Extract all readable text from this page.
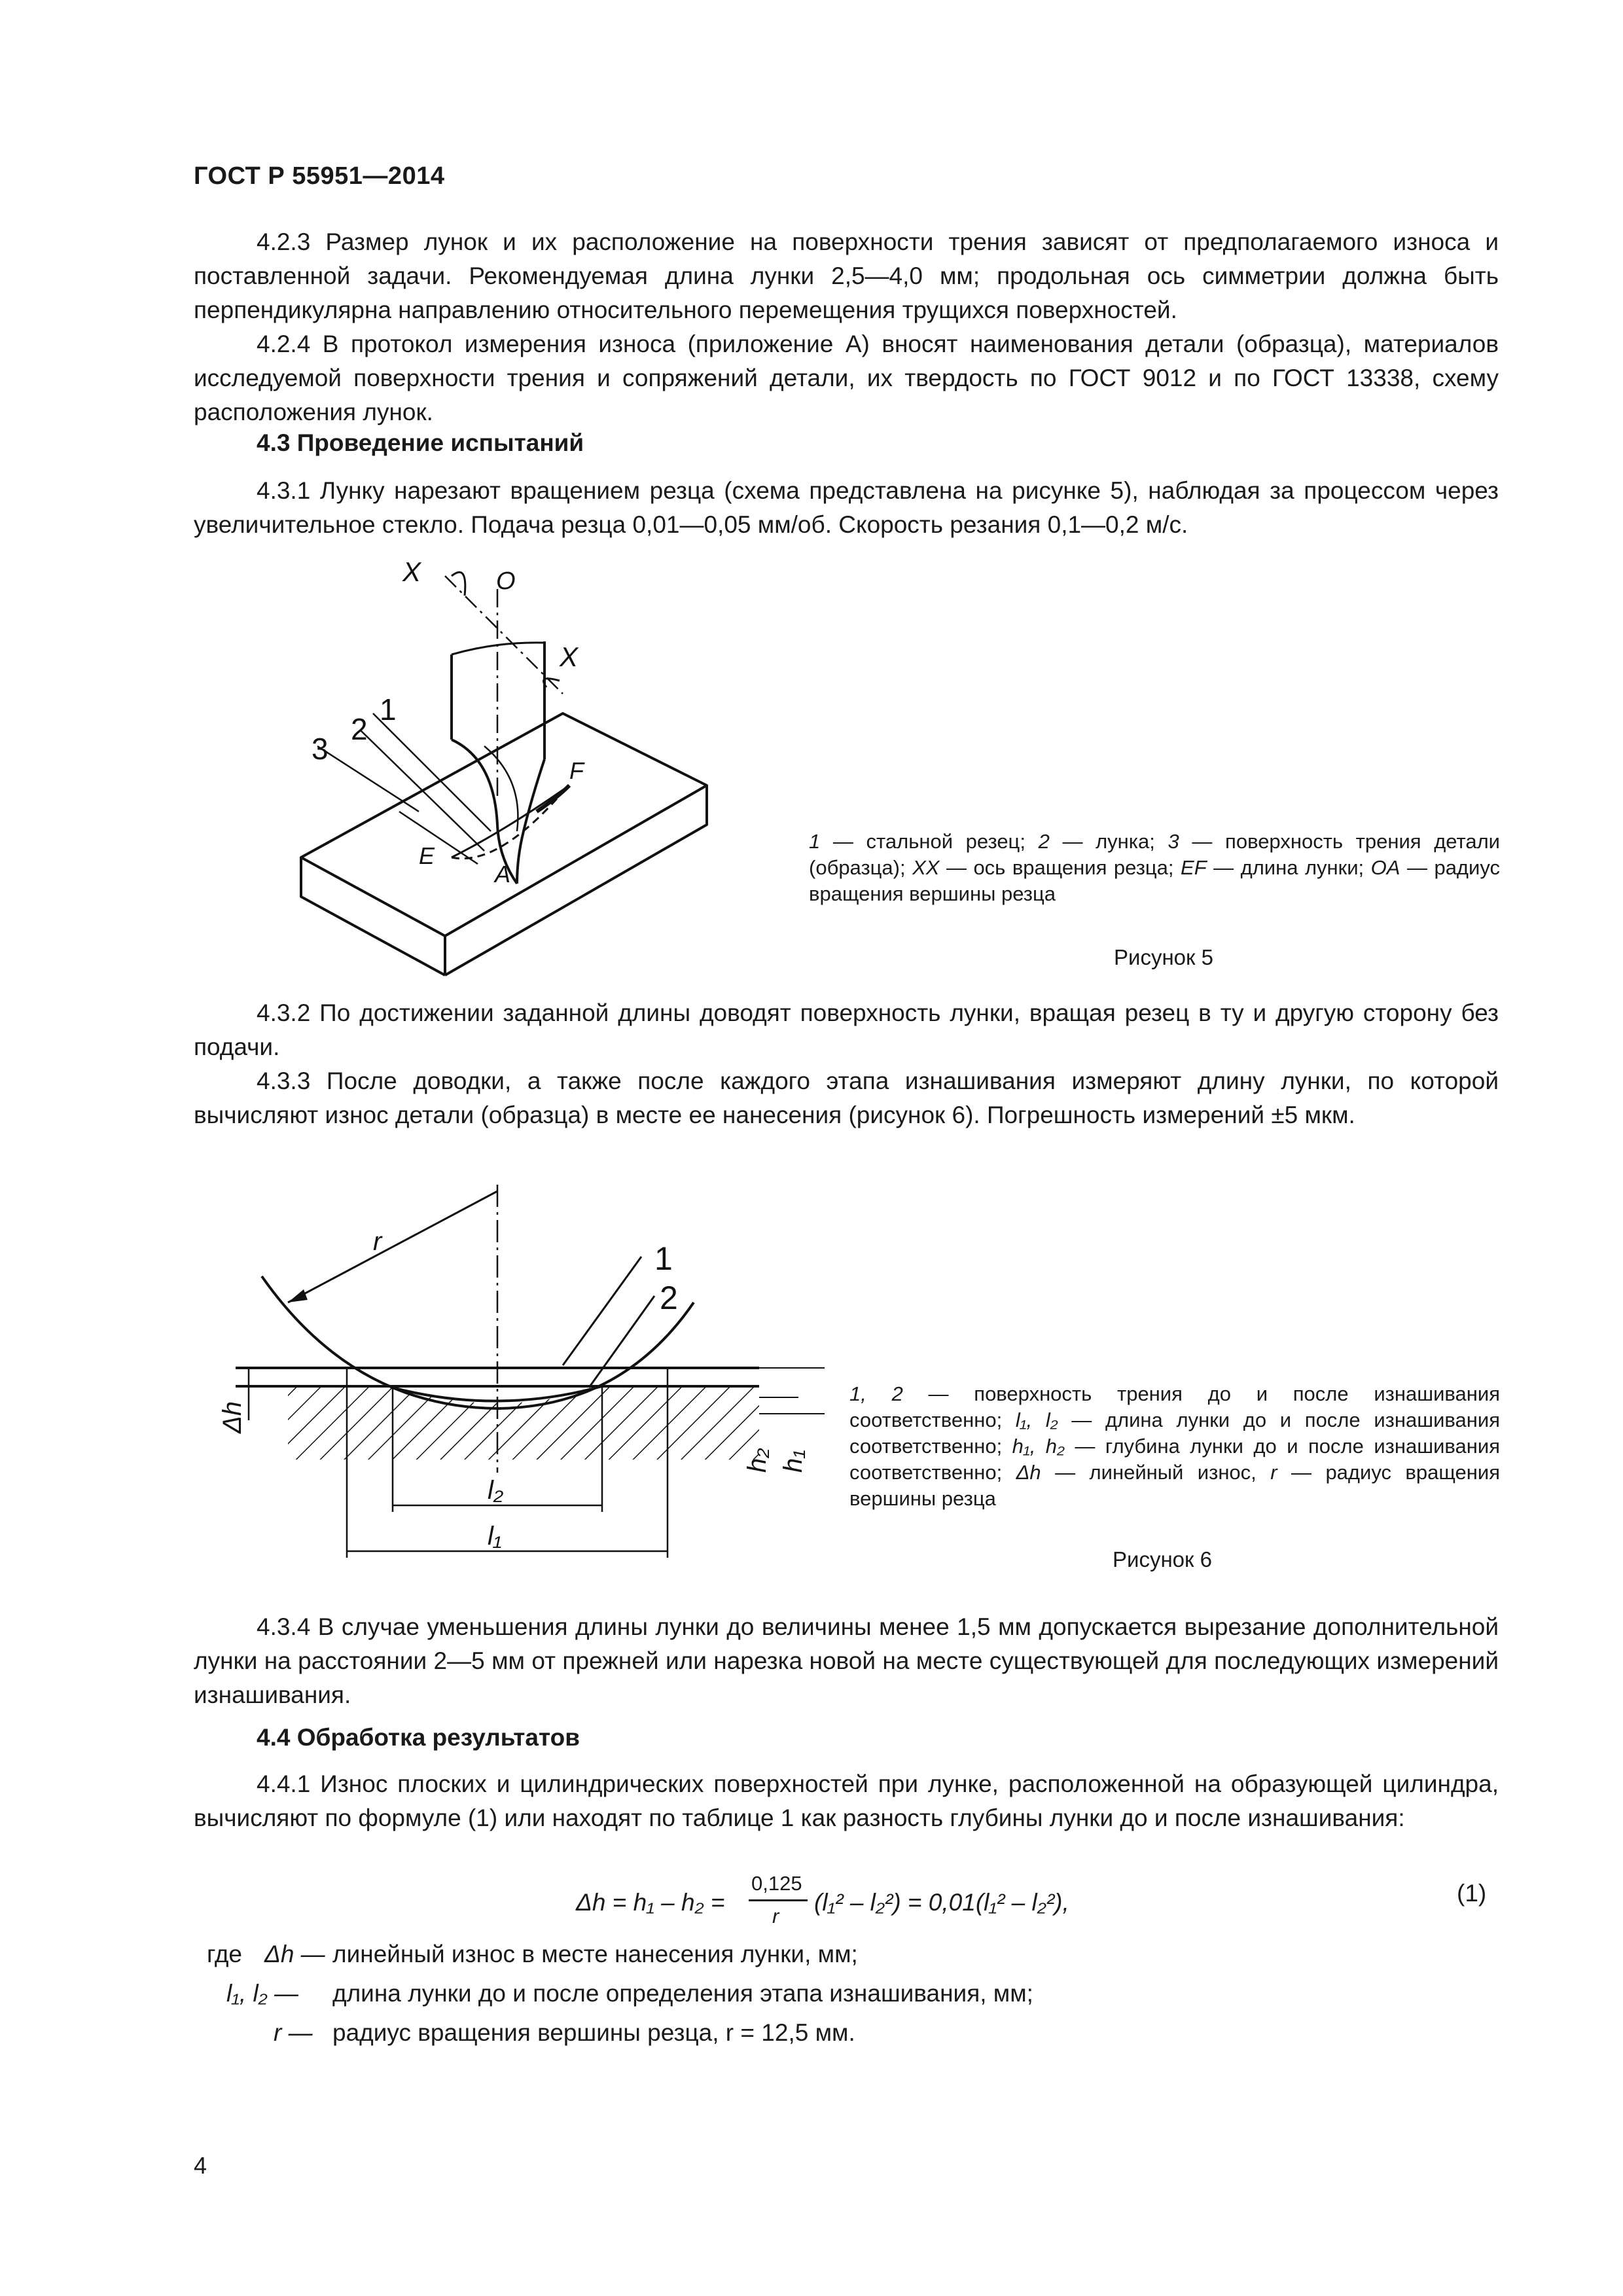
ГОСТ Р 55951—2014

4.2.3 Размер лунок и их расположение на поверхности трения зависят от предполагаемого износа и поставленной задачи. Рекомендуемая длина лунки 2,5—4,0 мм; продольная ось симметрии должна быть перпендикулярна направлению относительного перемещения трущихся поверхностей.

4.2.4 В протокол измерения износа (приложение А) вносят наименования детали (образца), материалов исследуемой поверхности трения и сопряжений детали, их твердость по ГОСТ 9012 и по ГОСТ 13338, схему расположения лунок.

4.3 Проведение испытаний

4.3.1 Лунку нарезают вращением резца (схема представлена на рисунке 5), наблюдая за процессом через увеличительное стекло. Подача резца 0,01—0,05 мм/об. Скорость резания 0,1—0,2 м/с.

X	O
X
1
2
3
E
A
F

1 — стальной резец; 2 — лунка; 3 — поверхность трения детали (образца); XX — ось вращения резца; EF — длина лунки; OA — радиус вращения вершины резца

Рисунок 5

4.3.2 По достижении заданной длины доводят поверхность лунки, вращая резец в ту и другую сторону без подачи.

4.3.3 После доводки, а также после каждого этапа изнашивания измеряют длину лунки, по которой вычисляют износ детали (образца) в месте ее нанесения (рисунок 6). Погрешность измерений ±5 мкм.

r	1
2
Δh
h₂ h₁
l₂
l₁

1, 2 — поверхность трения до и после изнашивания соответственно; l₁, l₂ — длина лунки до и после изнашивания соответственно; h₁, h₂ — глубина лунки до и после изнашивания соответственно; Δh — линейный износ, r — радиус вращения вершины резца

Рисунок 6

4.3.4 В случае уменьшения длины лунки до величины менее 1,5 мм допускается вырезание дополнительной лунки на расстоянии 2—5 мм от прежней или нарезка новой на месте существующей для последующих измерений изнашивания.

4.4 Обработка результатов

4.4.1 Износ плоских и цилиндрических поверхностей при лунке, расположенной на образующей цилиндра, вычисляют по формуле (1) или находят по таблице 1 как разность глубины лунки до и после изнашивания:

Δh = h₁ – h₂ =
0,125
r
(l₁² – l₂²) = 0,01(l₁² – l₂²),	(1)
где Δh — линейный износ в месте нанесения лунки, мм;
l₁, l₂ — длина лунки до и после определения этапа изнашивания, мм;
r — радиус вращения вершины резца, r = 12,5 мм.
4
